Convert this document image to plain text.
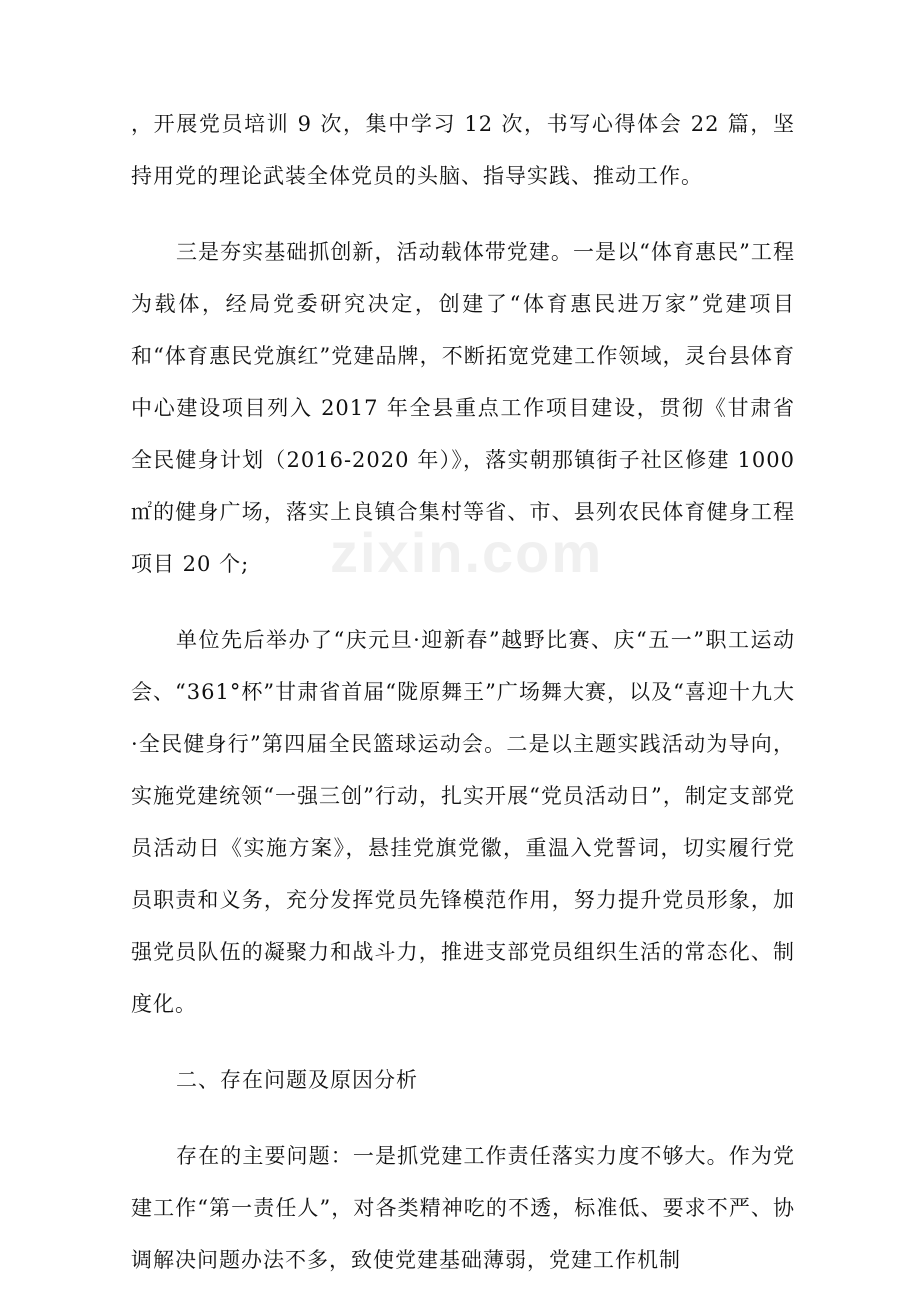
，开展党员培训 9 次，集中学习 12 次，书写心得体会 22 篇，坚持用党的理论武装全体党员的头脑、指导实践、推动工作。

三是夯实基础抓创新，活动载体带党建。一是以“体育惠民”工程为载体，经局党委研究决定，创建了“体育惠民进万家”党建项目和“体育惠民党旗红”党建品牌，不断拓宽党建工作领域，灵台县体育中心建设项目列入 2017 年全县重点工作项目建设，贯彻《甘肃省全民健身计划（2016-2020 年）》，落实朝那镇街子社区修建 1000㎡的健身广场，落实上良镇合集村等省、市、县列农民体育健身工程项目 20 个;

单位先后举办了“庆元旦·迎新春”越野比赛、庆“五一”职工运动会、“361°杯”甘肃省首届“陇原舞王”广场舞大赛，以及“喜迎十九大·全民健身行”第四届全民篮球运动会。二是以主题实践活动为导向，实施党建统领“一强三创”行动，扎实开展“党员活动日”，制定支部党员活动日《实施方案》，悬挂党旗党徽，重温入党誓词，切实履行党员职责和义务，充分发挥党员先锋模范作用，努力提升党员形象，加强党员队伍的凝聚力和战斗力，推进支部党员组织生活的常态化、制度化。

二、存在问题及原因分析

存在的主要问题：一是抓党建工作责任落实力度不够大。作为党建工作“第一责任人”，对各类精神吃的不透，标准低、要求不严、协调解决问题办法不多，致使党建基础薄弱，党建工作机制

zixin.com
